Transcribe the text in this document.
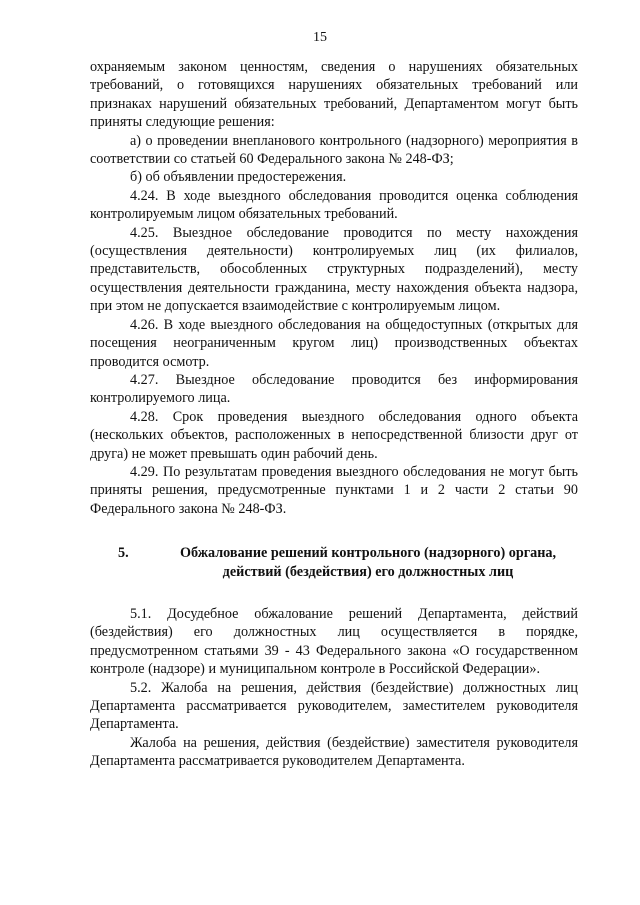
15

охраняемым законом ценностям, сведения о нарушениях обязательных требований, о готовящихся нарушениях обязательных требований или признаках нарушений обязательных требований, Департаментом могут быть приняты следующие решения:

а) о проведении внепланового контрольного (надзорного) мероприятия в соответствии со статьей 60 Федерального закона № 248-ФЗ;

б) об объявлении предостережения.

4.24. В ходе выездного обследования проводится оценка соблюдения контролируемым лицом обязательных требований.

4.25. Выездное обследование проводится по месту нахождения (осуществления деятельности) контролируемых лиц (их филиалов, представительств, обособленных структурных подразделений), месту осуществления деятельности гражданина, месту нахождения объекта надзора, при этом не допускается взаимодействие с контролируемым лицом.

4.26. В ходе выездного обследования на общедоступных (открытых для посещения неограниченным кругом лиц) производственных объектах проводится осмотр.

4.27. Выездное обследование проводится без информирования контролируемого лица.

4.28. Срок проведения выездного обследования одного объекта (нескольких объектов, расположенных в непосредственной близости друг от друга) не может превышать один рабочий день.

4.29. По результатам проведения выездного обследования не могут быть приняты решения, предусмотренные пунктами 1 и 2 части 2 статьи 90 Федерального закона № 248-ФЗ.

5.	Обжалование решений контрольного (надзорного) органа,
действий (бездействия) его должностных лиц

5.1. Досудебное обжалование решений Департамента, действий (бездействия) его должностных лиц осуществляется в порядке, предусмотренном статьями 39 - 43 Федерального закона «О государственном контроле (надзоре) и муниципальном контроле в Российской Федерации».

5.2. Жалоба на решения, действия (бездействие) должностных лиц Департамента рассматривается руководителем, заместителем руководителя Департамента.

Жалоба на решения, действия (бездействие) заместителя руководителя Департамента рассматривается руководителем Департамента.
